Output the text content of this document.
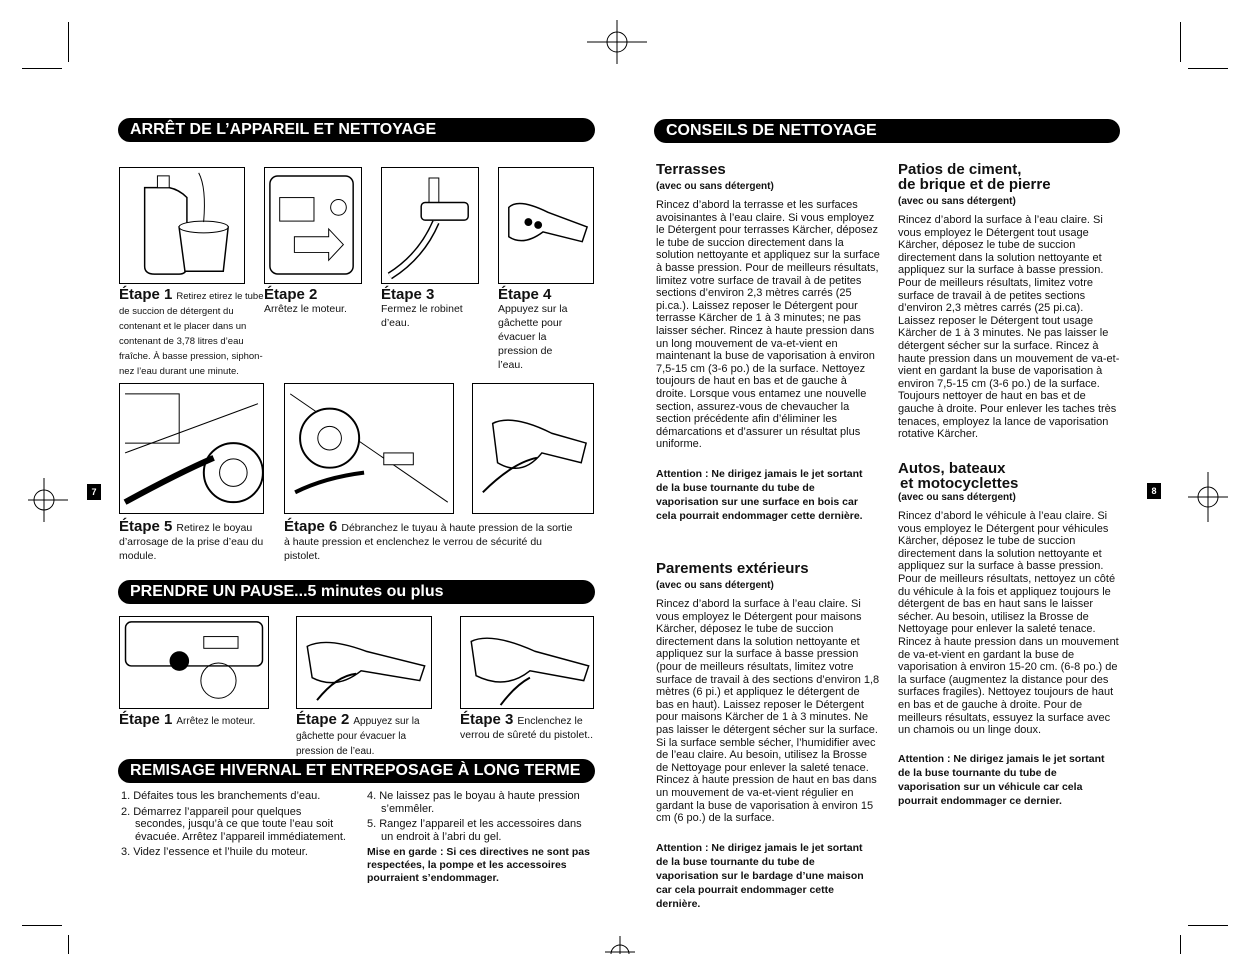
7	8
ARRÊT DE L’APPAREIL ET NETTOYAGE
Étape 1 Retirez etirez le tube de succion de détergent du contenant et le placer dans un contenant de 3,78 litres d’eau fraîche. À basse pression, siphon-nez l’eau durant une minute.
Étape 2
Arrêtez le moteur.
Étape 3
Fermez le robinet d’eau.
Étape 4
Appuyez sur la gâchette pour évacuer la pression de l’eau.
Étape 5 Retirez le boyau d’arrosage de la prise d’eau du module.
Étape 6 Débranchez le tuyau à haute pression de la sortie à haute pression et enclenchez le verrou de sécurité du pistolet.
PRENDRE UN PAUSE...5 minutes ou plus
Étape 1 Arrêtez le moteur.	Étape 2 Appuyez sur la gâchette pour évacuer la pression de l’eau.
Étape 3 Enclenchez le verrou de sûreté du pistolet..
REMISAGE HIVERNAL ET ENTREPOSAGE À LONG TERME
1. Défaites tous les branchements d’eau.
2. Démarrez l’appareil pour quelques secondes, jusqu’à ce que toute l’eau soit évacuée. Arrêtez l’appareil immédiatement.
3. Videz l’essence et l’huile du moteur.
4. Ne laissez pas le boyau à haute pression s’emmêler.
5. Rangez l’appareil et les accessoires dans un endroit à l’abri du gel.
Mise en garde : Si ces directives ne sont pas respectées, la pompe et les accessoires pourraient s’endommager.
CONSEILS DE NETTOYAGE
Terrasses
(avec ou sans détergent)
Rincez d’abord la terrasse et les surfaces avoisinantes à l’eau claire. Si vous employez le Détergent pour terrasses Kärcher, déposez le tube de succion directement dans la solution nettoyante et appliquez sur la surface à basse pression. Pour de meilleurs résultats, limitez votre surface de travail à de petites sections d’environ 2,3 mètres carrés (25 pi.ca.). Laissez reposer le Détergent pour terrasse Kärcher de 1 à 3 minutes; ne pas laisser sécher. Rincez à haute pression dans un long mouvement de va-et-vient en maintenant la buse de vaporisation à environ 7,5-15 cm (3-6 po.) de la surface. Nettoyez toujours de haut en bas et de gauche à droite. Lorsque vous entamez une nouvelle section, assurez-vous de chevaucher la section précédente afin d’éliminer les démarcations et d’assurer un résultat plus uniforme.
Attention : Ne dirigez jamais le jet sortant de la buse tournante du tube de vaporisation sur une surface en bois car cela pourrait endommager cette dernière.
Parements extérieurs
(avec ou sans détergent)
Rincez d’abord la surface à l’eau claire. Si vous employez le Détergent pour maisons Kärcher, déposez le tube de succion directement dans la solution nettoyante et appliquez sur la surface à basse pression (pour de meilleurs résultats, limitez votre surface de travail à des sections d’environ 1,8 mètres (6 pi.) et appliquez le détergent de bas en haut). Laissez reposer le Détergent pour maisons Kärcher de 1 à 3 minutes. Ne pas laisser le détergent sécher sur la surface. Si la surface semble sécher, l’humidifier avec de l’eau claire. Au besoin, utilisez la Brosse de Nettoyage pour enlever la saleté tenace. Rincez à haute pression de haut en bas dans un mouvement de va-et-vient régulier en gardant la buse de vaporisation à environ 15 cm (6 po.) de la surface.
Attention : Ne dirigez jamais le jet sortant de la buse tournante du tube de vaporisation sur le bardage d’une maison car cela pourrait endommager cette dernière.
Patios de ciment,
de brique et de pierre
(avec ou sans détergent)
Rincez d’abord la surface à l’eau claire. Si vous employez le Détergent tout usage Kärcher, déposez le tube de succion directement dans la solution nettoyante et appliquez sur la surface à basse pression. Pour de meilleurs résultats, limitez votre surface de travail à de petites sections d’environ 2,3 mètres carrés (25 pi.ca). Laissez reposer le Détergent tout usage Kärcher de 1 à 3 minutes. Ne pas laisser le détergent sécher sur la surface. Rincez à haute pression dans un mouvement de va-et-vient en gardant la buse de vaporisation à environ 7,5-15 cm (3-6 po.) de la surface. Toujours nettoyer de haut en bas et de gauche à droite. Pour enlever les taches très tenaces, employez la lance de vaporisation rotative Kärcher.
Autos, bateaux
et motocyclettes
(avec ou sans détergent)
Rincez d’abord le véhicule à l’eau claire. Si vous employez le Détergent pour véhicules Kärcher, déposez le tube de succion directement dans la solution nettoyante et appliquez sur la surface à basse pression. Pour de meilleurs résultats, nettoyez un côté du véhicule à la fois et appliquez toujours le détergent de bas en haut sans le laisser sécher. Au besoin, utilisez la Brosse de Nettoyage pour enlever la saleté tenace. Rincez à haute pression dans un mouvement de va-et-vient en gardant la buse de vaporisation à environ 15-20 cm. (6-8 po.) de la surface (augmentez la distance pour des surfaces fragiles). Nettoyez toujours de haut en bas et de gauche à droite. Pour de meilleurs résultats, essuyez la surface avec un chamois ou un linge doux.
Attention : Ne dirigez jamais le jet sortant de la buse tournante du tube de vaporisation sur un véhicule car cela pourrait endommager ce dernier.
